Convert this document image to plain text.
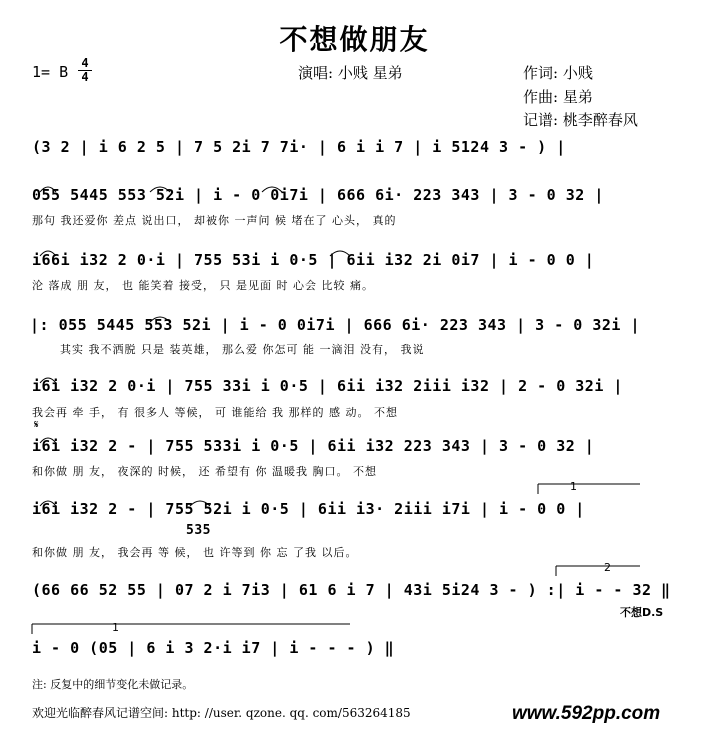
不想做朋友
1= B 4
4	演唱: 小贱 星弟	作词: 小贱
作曲: 星弟
记谱: 桃李醉春风
(3 2 | i 6 2 5 | 7 5 2i 7 7i· | 6 i i 7 | i 5124 3 - ) |
055 5445 553 52i | i - 0 0i7i | 666 6i· 223 343 | 3 - 0 32 |
那句 我还爱你 差点 说出口， 却被你 一声问 候 堵在了 心头， 真的
i66i i32 2 0·i | 755 53i i 0·5 | 6ii i32 2i 0i7 | i - 0 0 |
沦 落成 朋 友， 也 能笑着 接受， 只 是见面 时 心会 比较 痛。
|: 055 5445 553 52i | i - 0 0i7i | 666 6i· 223 343 | 3 - 0 32i |
其实 我不洒脱 只是 装英雄， 那么爱 你怎可 能 一滴泪 没有， 我说
i6i i32 2 0·i | 755 33i i 0·5 | 6ii i32 2iii i32 | 2 - 0 32i |
我会再 牵 手， 有 很多人 等候， 可 谁能给 我 那样的 感 动。 不想
i6i i32 2 - | 755 533i i 0·5 | 6ii i32 223 343 | 3 - 0 32 |
和你做 朋 友， 夜深的 时候， 还 希望有 你 温暖我 胸口。 不想
i6i i32 2 - | 755 52i i 0·5 | 6ii i3· 2iii i7i | i - 0 0 |
535
和你做 朋 友， 我会再 等 候， 也 许等到 你 忘 了我 以后。
1
2
1
(66 66 52 55 | 07 2 i 7i3 | 61 6 i 7 | 43i 5i24 3 - ) :| i - - 32 ‖
不想D.S
i - 0 (05 | 6 i 3 2·i i7 | i - - - ) ‖
注: 反复中的细节变化未做记录。
欢迎光临醉春风记谱空间: http: //user. qzone. qq. com/563264185	www.592pp.com
𝄋
